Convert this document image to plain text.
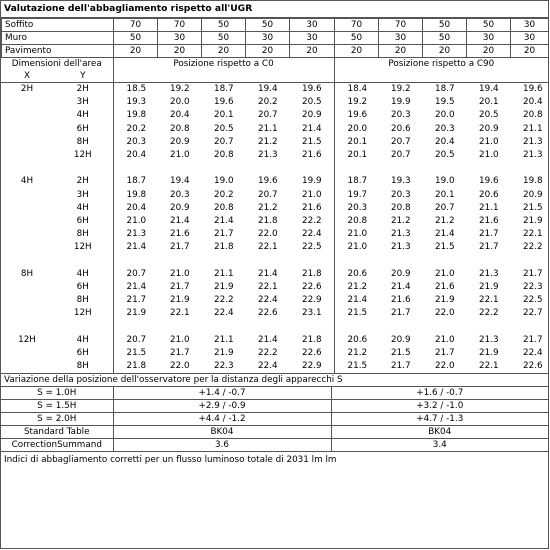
Valutazione dell'abbagliamento rispetto all'UGR
Soffito	70	70	50	50	30	70	70	50	50	30
Muro	50	30	50	30	30	50	30	50	30	30
Pavimento	20	20	20	20	20	20	20	20	20	20
Dimensioni dell'area		Posizione rispetto a C0					Posizione rispetto a C90				
X	Y										
2H	2H	18.5	19.2	18.7	19.4	19.6	18.4	19.2	18.7	19.4	19.6
	3H	19.3	20.0	19.6	20.2	20.5	19.2	19.9	19.5	20.1	20.4
	4H	19.8	20.4	20.1	20.7	20.9	19.6	20.3	20.0	20.5	20.8
	6H	20.2	20.8	20.5	21.1	21.4	20.0	20.6	20.3	20.9	21.1
	8H	20.3	20.9	20.7	21.2	21.5	20.1	20.7	20.4	21.0	21.3
	12H	20.4	21.0	20.8	21.3	21.6	20.1	20.7	20.5	21.0	21.3

4H	2H	18.7	19.4	19.0	19.6	19.9	18.7	19.3	19.0	19.6	19.8
	3H	19.8	20.3	20.2	20.7	21.0	19.7	20.3	20.1	20.6	20.9
	4H	20.4	20.9	20.8	21.2	21.6	20.3	20.8	20.7	21.1	21.5
	6H	21.0	21.4	21.4	21.8	22.2	20.8	21.2	21.2	21.6	21.9
	8H	21.3	21.6	21.7	22.0	22.4	21.0	21.3	21.4	21.7	22.1
	12H	21.4	21.7	21.8	22.1	22.5	21.0	21.3	21.5	21.7	22.2

8H	4H	20.7	21.0	21.1	21.4	21.8	20.6	20.9	21.0	21.3	21.7
	6H	21.4	21.7	21.9	22.1	22.6	21.2	21.4	21.6	21.9	22.3
	8H	21.7	21.9	22.2	22.4	22.9	21.4	21.6	21.9	22.1	22.5
	12H	21.9	22.1	22.4	22.6	23.1	21.5	21.7	22.0	22.2	22.7

12H	4H	20.7	21.0	21.1	21.4	21.8	20.6	20.9	21.0	21.3	21.7
	6H	21.5	21.7	21.9	22.2	22.6	21.2	21.5	21.7	21.9	22.4
	8H	21.8	22.0	22.3	22.4	22.9	21.5	21.7	22.0	22.1	22.6
Variazione della posizione dell'osservatore per la distanza degli apparecchi S		
S = 1.0H	+1.4 / -0.7	+1.6 / -0.7
S = 1.5H	+2.9 / -0.9	+3.2 / -1.0
S = 2.0H	+4.4 / -1.2	+4.7 / -1.3
Standard Table	BK04	BK04
CorrectionSummand	3.6	3.4
Indici di abbagliamento corretti per un flusso luminoso totale di 2031 lm lm
